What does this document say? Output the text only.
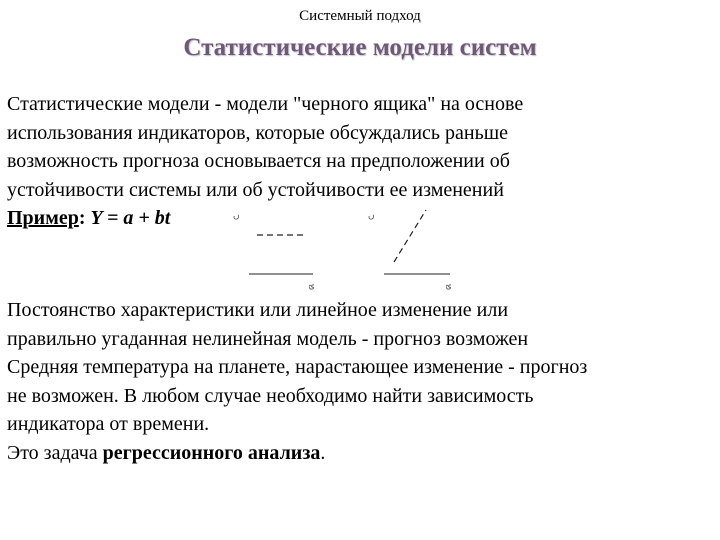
Системный подход
Статистические модели систем
Статистические модели - модели "черного ящика" на основе
использования индикаторов, которые обсуждались раньше
возможность прогноза основывается на предположении об
устойчивости системы или об устойчивости ее изменений
Пример: Y = a + bt	ں
ؾ
ں
ؾ
Постоянство характеристики или линейное изменение или
правильно угаданная нелинейная модель - прогноз возможен
Средняя температура на планете, нарастающее изменение - прогноз
не возможен. В любом случае необходимо найти зависимость
индикатора от времени.
Это задача регрессионного анализа.
